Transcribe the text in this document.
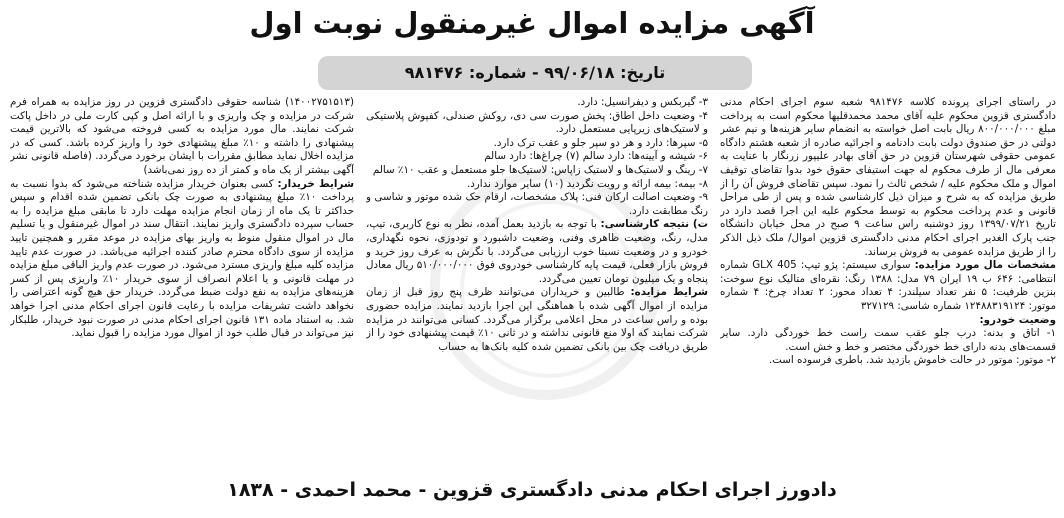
آگهی مزایده اموال غیرمنقول نوبت اول
تاریخ: ۹۹/۰۶/۱۸ - شماره: ۹۸۱۴۷۶

در راستای اجرای پرونده کلاسه ۹۸۱۴۷۶ شعبه سوم اجرای احکام مدنی دادگستری قزوین محکوم علیه آقای محمد محمدقلیها محکوم است به پرداخت مبلغ ۸۰۰/۰۰۰/۰۰۰ ریال بابت اصل خواسته به انضمام سایر هزینه‌ها و نیم عشر دولتی در حق صندوق دولت بابت دادنامه و اجرائیه صادره از شعبه هشتم دادگاه عمومی حقوقی شهرستان قزوین در حق آقای بهادر علیپور زرنگار با عنایت به معرفی مال از طرف محکوم له جهت استیفای حقوق خود بدوا تقاضای توقیف اموال و ملک محکوم علیه / شخص ثالث را نمود. سپس تقاضای فروش آن را از طریق مزایده که به شرح و میزان ذیل کارشناسی شده و پس از طی مراحل قانونی و عدم پرداخت محکوم به توسط محکوم علیه این اجرا قصد دارد در تاریخ ۱۳۹۹/۰۷/۲۱ روز دوشنبه راس ساعت ۹ صبح در محل خیابان دانشگاه جنب پارک الغدیر اجرای احکام مدنی دادگستری قزوین اموال/ ملک ذیل الذکر را از طریق مزایده عمومی به فروش برساند.

مشخصات مال مورد مزایده: سواری سیستم: پژو تیپ: GLX 405 شماره انتظامی: ۶۴۶ ب ۱۹ ایران ۷۹ مدل: ۱۳۸۸ رنگ: نقره‌ای متالیک نوع سوخت: بنزین ظرفیت: ۵ نفر تعداد سیلندر: ۴ تعداد محور: ۲ تعداد چرخ: ۴ شماره موتور: ۱۲۴۸۸۳۱۹۱۲۴ شماره شاسی: ۳۲۷۱۲۹

وضعیت خودرو:

۱- اتاق و بدنه: درب جلو عقب سمت راست خط خوردگی دارد. سایر قسمت‌های بدنه دارای خط خوردگی مختصر و خط و خش است.

۲- موتور: موتور در حالت خاموش بازدید شد. باطری فرسوده است.

۳- گیربکس و دیفرانسیل: دارد.

۴- وضعیت داخل اطاق: پخش صورت سی دی، روکش صندلی، کفپوش پلاستیکی و لاستیک‌های زیرپایی مستعمل دارد.

۵- سپرها: دارد و هر دو سپر جلو و عقب ترک دارد.

۶- شیشه و آیینه‌ها: دارد سالم (۷) چراغ‌ها: دارد سالم

۷- رینگ و لاستیک‌ها و لاستیک زاپاس: لاستیک‌ها جلو مستعمل و عقب ۱۰٪ سالم

۸- بیمه: بیمه ارائه و رویت نگردید (۱۰) سایر موارد ندارد.

۹- وضعیت اصالت ارکان فنی: پلاک مشخصات، ارقام حک شده موتور و شاسی و رنگ مطابقت دارد.

ت) نتیجه کارشناسی: با توجه به بازدید بعمل آمده، نظر به نوع کاربری، تیپ، مدل، رنگ، وضعیت ظاهری وفنی، وضعیت داشبورد و تودوزی، نحوه نگهداری، خودرو و در وضعیت نسبتا خوب ارزیابی می‌گردد. با نگرش به عرف روز خرید و فروش بازار فعلی، قیمت پایه کارشناسی خودروی فوق ۵۱۰/۰۰۰/۰۰۰ ریال معادل پنجاه و یک میلیون تومان تعیین می‌گردد.

شرایط مزایده: طالبین و خریداران می‌توانند ظرف پنج روز قبل از زمان مزایده از اموال آگهی شده با هماهنگی این اجرا بازدید نمایند. مزایده حضوری بوده و راس ساعت در محل اعلامی برگزار می‌گردد. کسانی می‌توانند در مزایده شرکت نمایند که اولا منع قانونی نداشته و در ثانی ۱۰٪ قیمت پیشنهادی خود را از طریق دریافت چک بین بانکی تضمین شده کلیه بانک‌ها به حساب

(۱۴۰۰۲۷۵۱۵۱۳) شناسه حقوقی دادگستری قزوین در روز مزایده به همراه فرم شرکت در مزایده و چک واریزی و با ارائه اصل و کپی کارت ملی در داخل پاکت شرکت نمایند. مال مورد مزایده به کسی فروخته می‌شود که بالاترین قیمت پیشنهادی را داشته و ۱۰٪ مبلغ پیشنهادی خود را واریز کرده باشد. کسی که در مزایده اخلال نماید مطابق مقررات با ایشان برخورد می‌گردد. (فاصله قانونی نشر آگهی بیشتر از یک ماه و کمتر از ده روز نمی‌باشد)

شرایط خریدار: کسی بعنوان خریدار مزایده شناخته می‌شود که بدوا نسبت به پرداخت ۱۰٪ مبلغ پیشنهادی به صورت چک بانکی تضمین شده اقدام و سپس حداکثر تا یک ماه از زمان انجام مزایده مهلت دارد تا مابقی مبلغ مزایده را به حساب سپرده دادگستری واریز نمایند. انتقال سند در اموال غیرمنقول و یا تسلیم مال در اموال منقول منوط به واریز بهای مزایده در موعد مقرر و همچنین تایید مزایده از سوی دادگاه محترم صادر کننده اجرائیه می‌باشد. در صورت عدم تایید مزایده کلیه مبلغ واریزی مسترد می‌شود. در صورت عدم واریز الباقی مبلغ مزایده در مهلت قانونی و یا اعلام انصراف از سوی خریدار ۱۰٪ واریزی پس از کسر هزینه‌های مزایده به نفع دولت ضبط می‌گردد. خریدار حق هیچ گونه اعتراضی را نخواهد داشت تشریفات مزایده با رعایت قانون اجرای احکام مدنی اجرا خواهد شد. به استناد ماده ۱۳۱ قانون اجرای احکام مدنی در صورت نبود خریدار، طلبکار نیز می‌تواند در قبال طلب خود از اموال مورد مزایده را قبول نماید.

دادورز اجرای احکام مدنی دادگستری قزوین - محمد احمدی - ۱۸۳۸
